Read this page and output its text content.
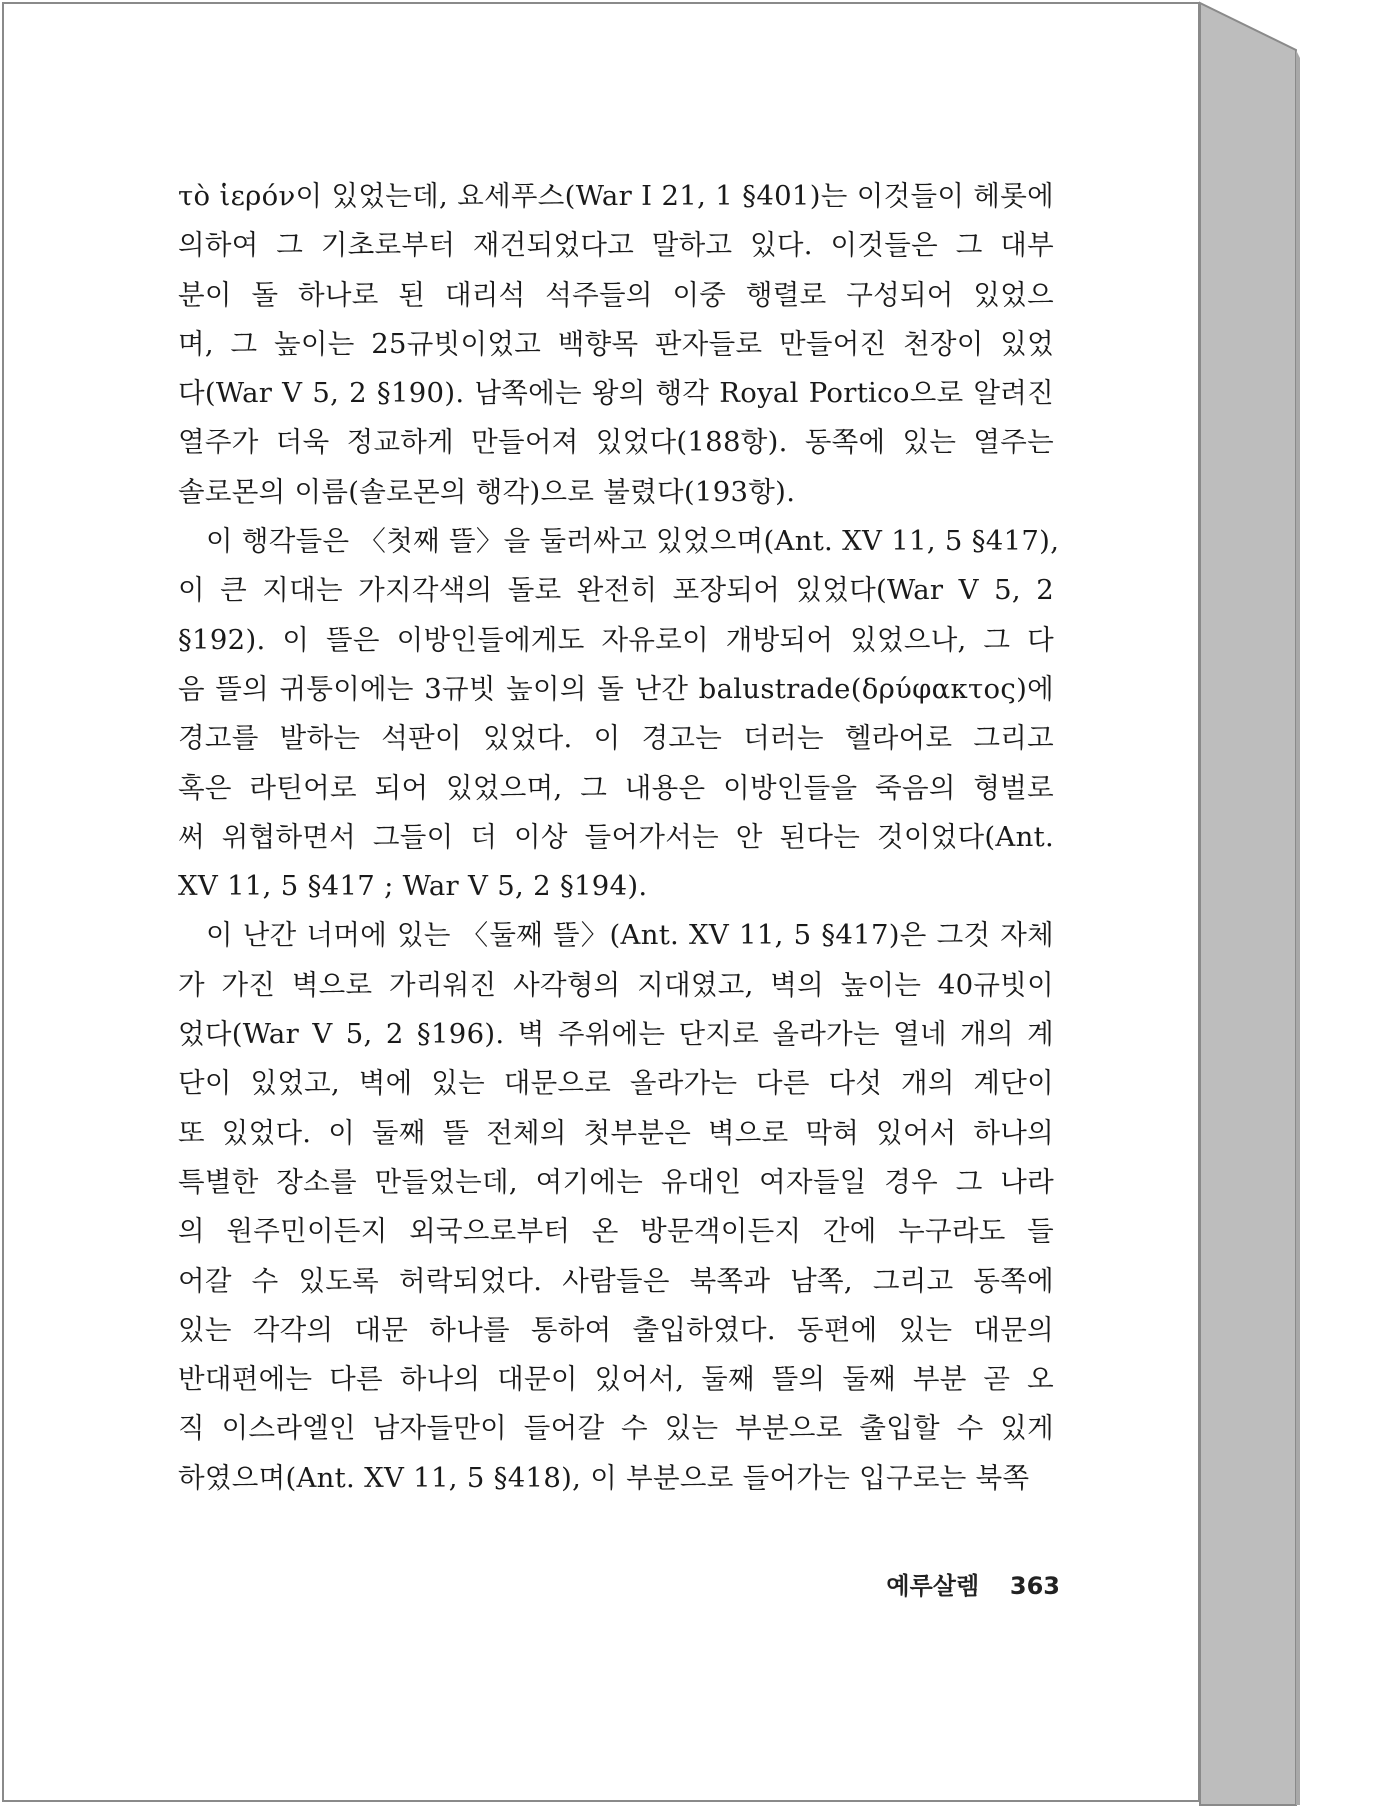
τὸ ἱερόν이 있었는데, 요세푸스(War I 21, 1 §401)는 이것들이 헤롯에
의하여 그 기초로부터 재건되었다고 말하고 있다. 이것들은 그 대부
분이 돌 하나로 된 대리석 석주들의 이중 행렬로 구성되어 있었으
며, 그 높이는 25규빗이었고 백향목 판자들로 만들어진 천장이 있었
다(War V 5, 2 §190). 남쪽에는 왕의 행각 Royal Portico으로 알려진
열주가 더욱 정교하게 만들어져 있었다(188항). 동쪽에 있는 열주는
솔로몬의 이름(솔로몬의 행각)으로 불렸다(193항).
이 행각들은 〈첫째 뜰〉을 둘러싸고 있었으며(Ant. XV 11, 5 §417),
이 큰 지대는 가지각색의 돌로 완전히 포장되어 있었다(War V 5, 2
§192). 이 뜰은 이방인들에게도 자유로이 개방되어 있었으나, 그 다
음 뜰의 귀퉁이에는 3규빗 높이의 돌 난간 balustrade(δρύφακτος)에
경고를 발하는 석판이 있었다. 이 경고는 더러는 헬라어로 그리고
혹은 라틴어로 되어 있었으며, 그 내용은 이방인들을 죽음의 형벌로
써 위협하면서 그들이 더 이상 들어가서는 안 된다는 것이었다(Ant.
XV 11, 5 §417 ; War V 5, 2 §194).
이 난간 너머에 있는 〈둘째 뜰〉(Ant. XV 11, 5 §417)은 그것 자체
가 가진 벽으로 가리워진 사각형의 지대였고, 벽의 높이는 40규빗이
었다(War V 5, 2 §196). 벽 주위에는 단지로 올라가는 열네 개의 계
단이 있었고, 벽에 있는 대문으로 올라가는 다른 다섯 개의 계단이
또 있었다. 이 둘째 뜰 전체의 첫부분은 벽으로 막혀 있어서 하나의
특별한 장소를 만들었는데, 여기에는 유대인 여자들일 경우 그 나라
의 원주민이든지 외국으로부터 온 방문객이든지 간에 누구라도 들
어갈 수 있도록 허락되었다. 사람들은 북쪽과 남쪽, 그리고 동쪽에
있는 각각의 대문 하나를 통하여 출입하였다. 동편에 있는 대문의
반대편에는 다른 하나의 대문이 있어서, 둘째 뜰의 둘째 부분 곧 오
직 이스라엘인 남자들만이 들어갈 수 있는 부분으로 출입할 수 있게
하였으며(Ant. XV 11, 5 §418), 이 부분으로 들어가는 입구로는 북쪽
예루살렘 363
